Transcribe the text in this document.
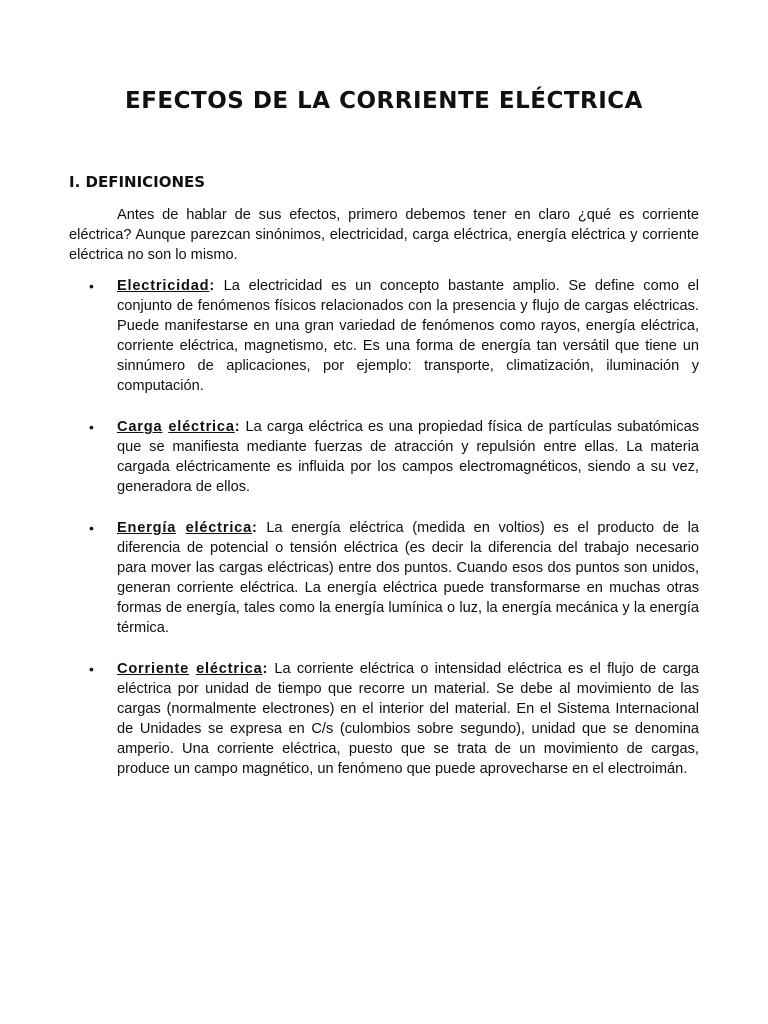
EFECTOS DE LA CORRIENTE ELÉCTRICA
I. DEFINICIONES

Antes de hablar de sus efectos, primero debemos tener en claro ¿qué es corriente eléctrica? Aunque parezcan sinónimos, electricidad, carga eléctrica, energía eléctrica y corriente eléctrica no son lo mismo.

• Electricidad: La electricidad es un concepto bastante amplio. Se define como el conjunto de fenómenos físicos relacionados con la presencia y flujo de cargas eléctricas. Puede manifestarse en una gran variedad de fenómenos como rayos, energía eléctrica, corriente eléctrica, magnetismo, etc. Es una forma de energía tan versátil que tiene un sinnúmero de aplicaciones, por ejemplo: transporte, climatización, iluminación y computación.
• Carga eléctrica: La carga eléctrica es una propiedad física de partículas subatómicas que se manifiesta mediante fuerzas de atracción y repulsión entre ellas. La materia cargada eléctricamente es influida por los campos electromagnéticos, siendo a su vez, generadora de ellos.
• Energía eléctrica: La energía eléctrica (medida en voltios) es el producto de la diferencia de potencial o tensión eléctrica (es decir la diferencia del trabajo necesario para mover las cargas eléctricas) entre dos puntos. Cuando esos dos puntos son unidos, generan corriente eléctrica. La energía eléctrica puede transformarse en muchas otras formas de energía, tales como la energía lumínica o luz, la energía mecánica y la energía térmica.
• Corriente eléctrica: La corriente eléctrica o intensidad eléctrica es el flujo de carga eléctrica por unidad de tiempo que recorre un material. Se debe al movimiento de las cargas (normalmente electrones) en el interior del material. En el Sistema Internacional de Unidades se expresa en C/s (culombios sobre segundo), unidad que se denomina amperio. Una corriente eléctrica, puesto que se trata de un movimiento de cargas, produce un campo magnético, un fenómeno que puede aprovecharse en el electroimán.
